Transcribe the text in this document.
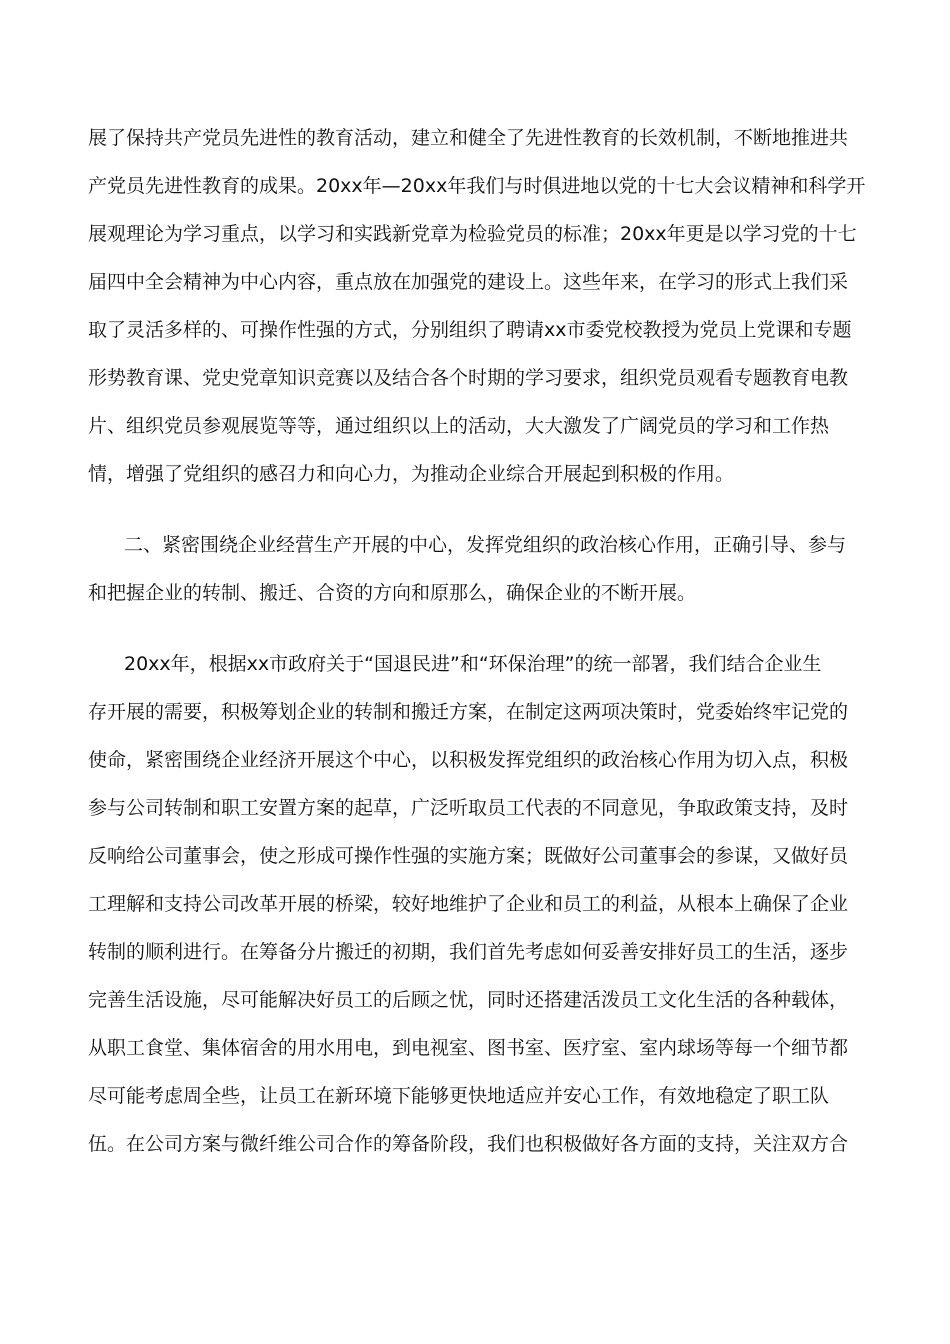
展了保持共产党员先进性的教育活动，建立和健全了先进性教育的长效机制，不断地推进共
产党员先进性教育的成果。20xx年—20xx年我们与时俱进地以党的十七大会议精神和科学开
展观理论为学习重点，以学习和实践新党章为检验党员的标准；20xx年更是以学习党的十七
届四中全会精神为中心内容，重点放在加强党的建设上。这些年来，在学习的形式上我们采
取了灵活多样的、可操作性强的方式，分别组织了聘请xx市委党校教授为党员上党课和专题
形势教育课、党史党章知识竞赛以及结合各个时期的学习要求，组织党员观看专题教育电教
片、组织党员参观展览等等，通过组织以上的活动，大大激发了广阔党员的学习和工作热
情，增强了党组织的感召力和向心力，为推动企业综合开展起到积极的作用。
二、紧密围绕企业经营生产开展的中心，发挥党组织的政治核心作用，正确引导、参与
和把握企业的转制、搬迁、合资的方向和原那么，确保企业的不断开展。
20xx年，根据xx市政府关于“国退民进”和“环保治理”的统一部署，我们结合企业生
存开展的需要，积极筹划企业的转制和搬迁方案，在制定这两项决策时，党委始终牢记党的
使命，紧密围绕企业经济开展这个中心，以积极发挥党组织的政治核心作用为切入点，积极
参与公司转制和职工安置方案的起草，广泛听取员工代表的不同意见，争取政策支持，及时
反响给公司董事会，使之形成可操作性强的实施方案；既做好公司董事会的参谋，又做好员
工理解和支持公司改革开展的桥梁，较好地维护了企业和员工的利益，从根本上确保了企业
转制的顺利进行。在筹备分片搬迁的初期，我们首先考虑如何妥善安排好员工的生活，逐步
完善生活设施，尽可能解决好员工的后顾之忧，同时还搭建活泼员工文化生活的各种载体，
从职工食堂、集体宿舍的用水用电，到电视室、图书室、医疗室、室内球场等每一个细节都
尽可能考虑周全些，让员工在新环境下能够更快地适应并安心工作，有效地稳定了职工队
伍。在公司方案与微纤维公司合作的筹备阶段，我们也积极做好各方面的支持，关注双方合
